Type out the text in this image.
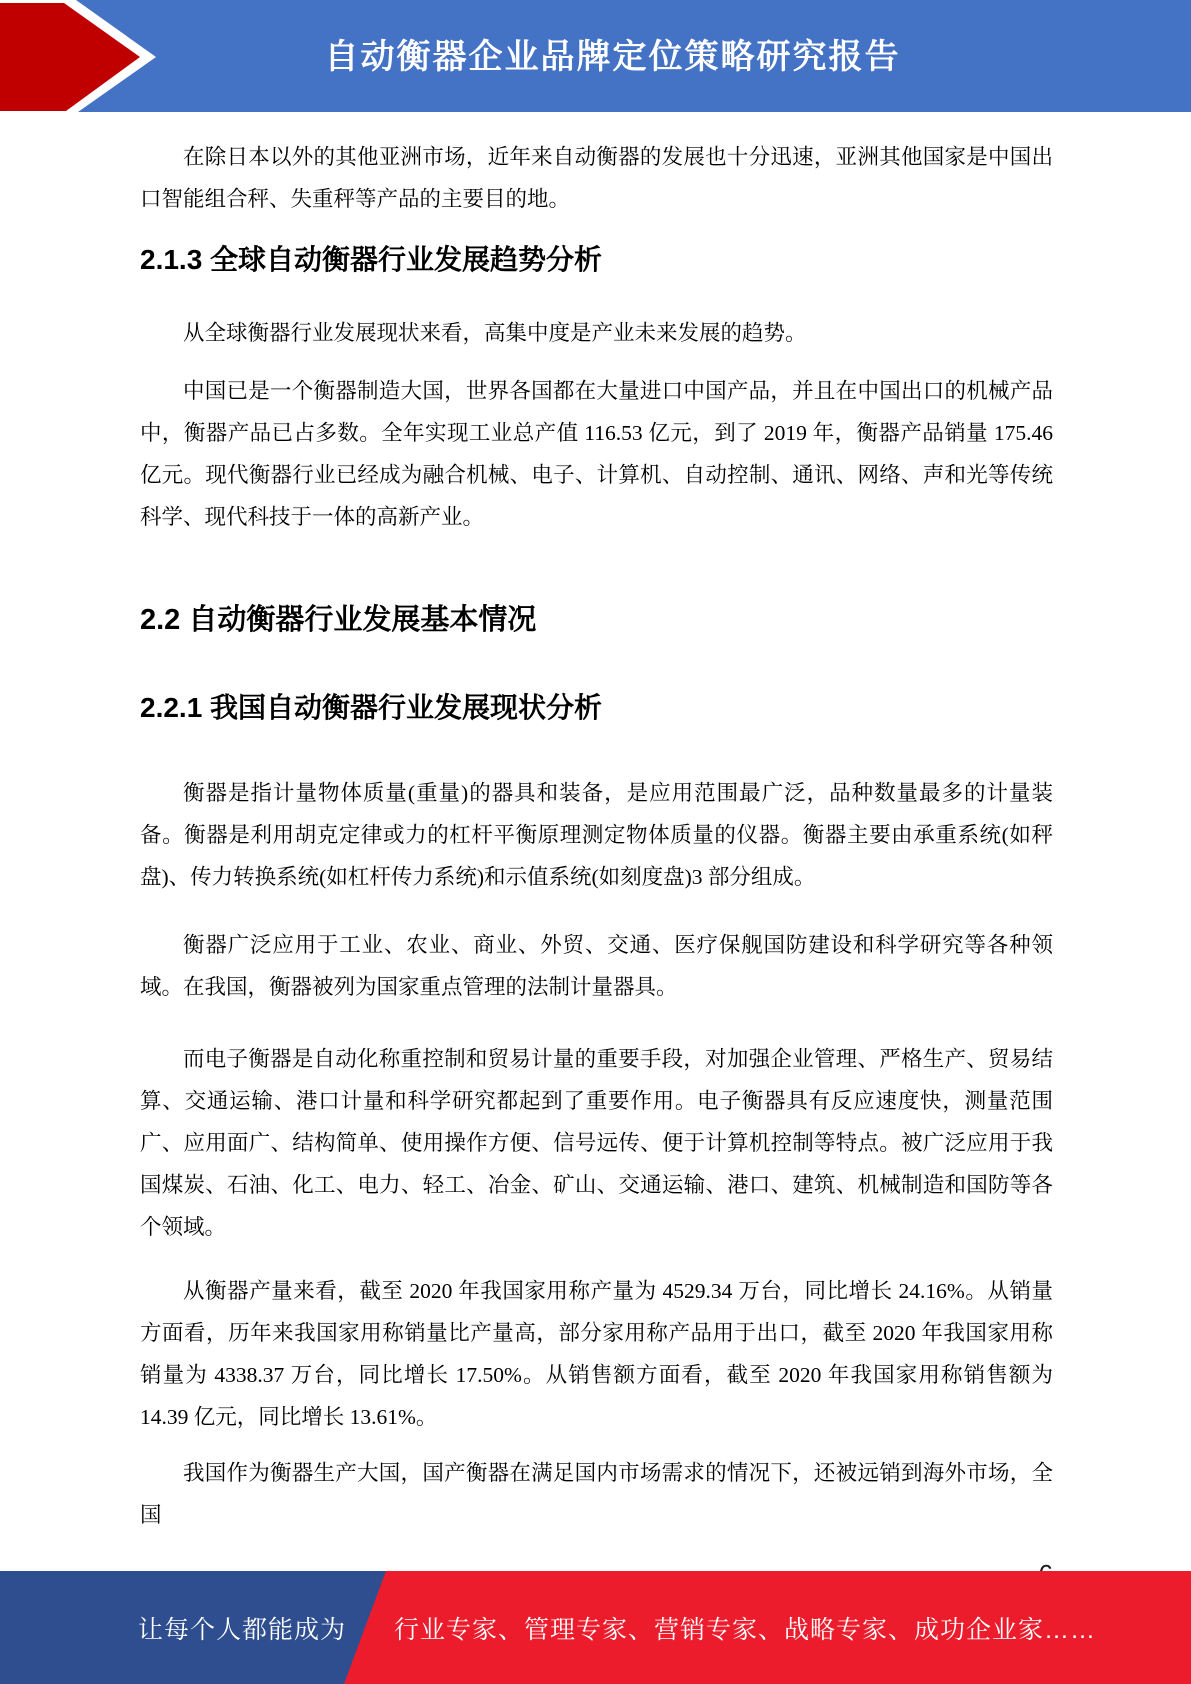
自动衡器企业品牌定位策略研究报告

在除日本以外的其他亚洲市场，近年来自动衡器的发展也十分迅速，亚洲其他国家是中国出口智能组合秤、失重秤等产品的主要目的地。

2.1.3 全球自动衡器行业发展趋势分析

从全球衡器行业发展现状来看，高集中度是产业未来发展的趋势。

中国已是一个衡器制造大国，世界各国都在大量进口中国产品，并且在中国出口的机械产品中，衡器产品已占多数。全年实现工业总产值 116.53 亿元，到了 2019 年，衡器产品销量 175.46 亿元。现代衡器行业已经成为融合机械、电子、计算机、自动控制、通讯、网络、声和光等传统科学、现代科技于一体的高新产业。

2.2 自动衡器行业发展基本情况
2.2.1 我国自动衡器行业发展现状分析

衡器是指计量物体质量(重量)的器具和装备，是应用范围最广泛，品种数量最多的计量装备。衡器是利用胡克定律或力的杠杆平衡原理测定物体质量的仪器。衡器主要由承重系统(如秤盘)、传力转换系统(如杠杆传力系统)和示值系统(如刻度盘)3 部分组成。

衡器广泛应用于工业、农业、商业、外贸、交通、医疗保舰国防建设和科学研究等各种领域。在我国，衡器被列为国家重点管理的法制计量器具。

而电子衡器是自动化称重控制和贸易计量的重要手段，对加强企业管理、严格生产、贸易结算、交通运输、港口计量和科学研究都起到了重要作用。电子衡器具有反应速度快，测量范围广、应用面广、结构简单、使用操作方便、信号远传、便于计算机控制等特点。被广泛应用于我国煤炭、石油、化工、电力、轻工、冶金、矿山、交通运输、港口、建筑、机械制造和国防等各个领域。

从衡器产量来看，截至 2020 年我国家用称产量为 4529.34 万台，同比增长 24.16%。从销量方面看，历年来我国家用称销量比产量高，部分家用称产品用于出口，截至 2020 年我国家用称销量为 4338.37 万台，同比增长 17.50%。从销售额方面看，截至 2020 年我国家用称销售额为 14.39 亿元，同比增长 13.61%。

我国作为衡器生产大国，国产衡器在满足国内市场需求的情况下，还被远销到海外市场，全国

让每个人都能成为 行业专家、管理专家、营销专家、战略专家、成功企业家……
